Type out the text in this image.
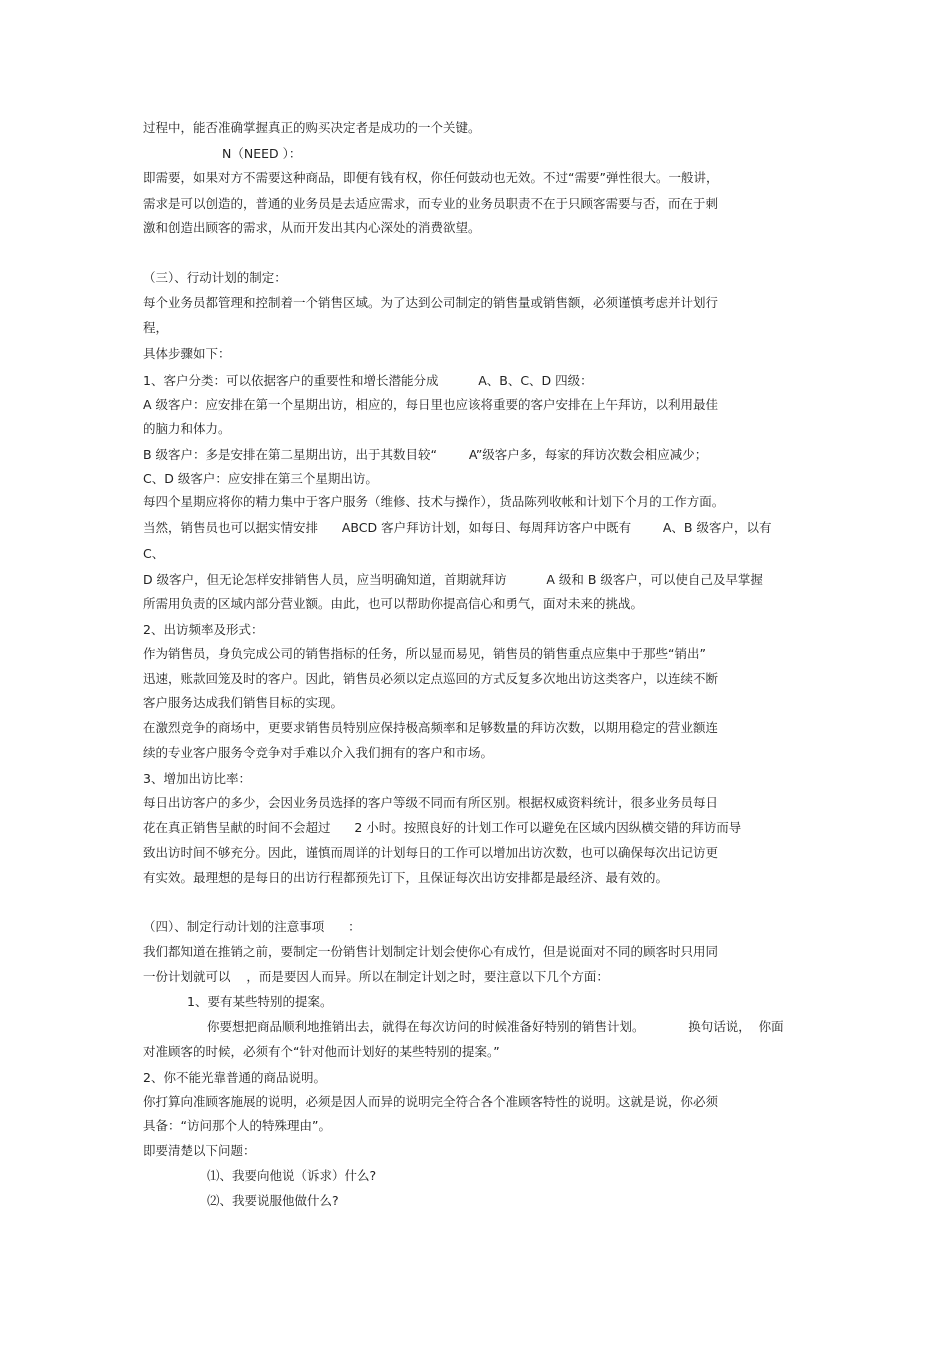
过程中，能否准确掌握真正的购买决定者是成功的一个关键。
N（NEED ）：
即需要，如果对方不需要这种商品，即便有钱有权，你任何鼓动也无效。不过“需要”弹性很大。一般讲，
需求是可以创造的，普通的业务员是去适应需求，而专业的业务员职责不在于只顾客需要与否，而在于刺
激和创造出顾客的需求，从而开发出其内心深处的消费欲望。
（三）、行动计划的制定：
每个业务员都管理和控制着一个销售区域。为了达到公司制定的销售量或销售额，必须谨慎考虑并计划行
程，
具体步骤如下：
1、客户分类：可以依据客户的重要性和增长潜能分成          A、B、C、D 四级：
A 级客户：应安排在第一个星期出访，相应的，每日里也应该将重要的客户安排在上午拜访，以利用最佳
的脑力和体力。
B 级客户：多是安排在第二星期出访，出于其数目较“        A”级客户多，每家的拜访次数会相应减少；
C、D 级客户：应安排在第三个星期出访。
每四个星期应将你的精力集中于客户服务（维修、技术与操作），货品陈列收帐和计划下个月的工作方面。
当然，销售员也可以据实情安排      ABCD 客户拜访计划，如每日、每周拜访客户中既有        A、B 级客户，以有
C、
D 级客户，但无论怎样安排销售人员，应当明确知道，首期就拜访          A 级和 B 级客户，可以使自己及早掌握
所需用负责的区域内部分营业额。由此，也可以帮助你提高信心和勇气，面对未来的挑战。
2、出访频率及形式：
作为销售员，身负完成公司的销售指标的任务，所以显而易见，销售员的销售重点应集中于那些“销出”
迅速，账款回笼及时的客户。因此，销售员必须以定点巡回的方式反复多次地出访这类客户，以连续不断
客户服务达成我们销售目标的实现。
在激烈竞争的商场中，更要求销售员特别应保持极高频率和足够数量的拜访次数，以期用稳定的营业额连
续的专业客户服务令竞争对手难以介入我们拥有的客户和市场。
3、增加出访比率：
每日出访客户的多少，会因业务员选择的客户等级不同而有所区别。根据权威资料统计，很多业务员每日
花在真正销售呈献的时间不会超过      2 小时。按照良好的计划工作可以避免在区域内因纵横交错的拜访而导
致出访时间不够充分。因此，谨慎而周详的计划每日的工作可以增加出访次数，也可以确保每次出记访更
有实效。最理想的是每日的出访行程都预先订下，且保证每次出访安排都是最经济、最有效的。
（四）、制定行动计划的注意事项      ：
我们都知道在推销之前，要制定一份销售计划制定计划会使你心有成竹，但是说面对不同的顾客时只用同
一份计划就可以    ，而是要因人而异。所以在制定计划之时，要注意以下几个方面：
1、要有某些特别的提案。
你要想把商品顺利地推销出去，就得在每次访问的时候准备好特别的销售计划。           换句话说，  你面
对准顾客的时候，必须有个“针对他而计划好的某些特别的提案。”
2、你不能光靠普通的商品说明。
你打算向准顾客施展的说明，必须是因人而异的说明完全符合各个准顾客特性的说明。这就是说，你必须
具备：“访问那个人的特殊理由”。
即要清楚以下问题：
⑴、我要向他说（诉求）什么?
⑵、我要说服他做什么?
